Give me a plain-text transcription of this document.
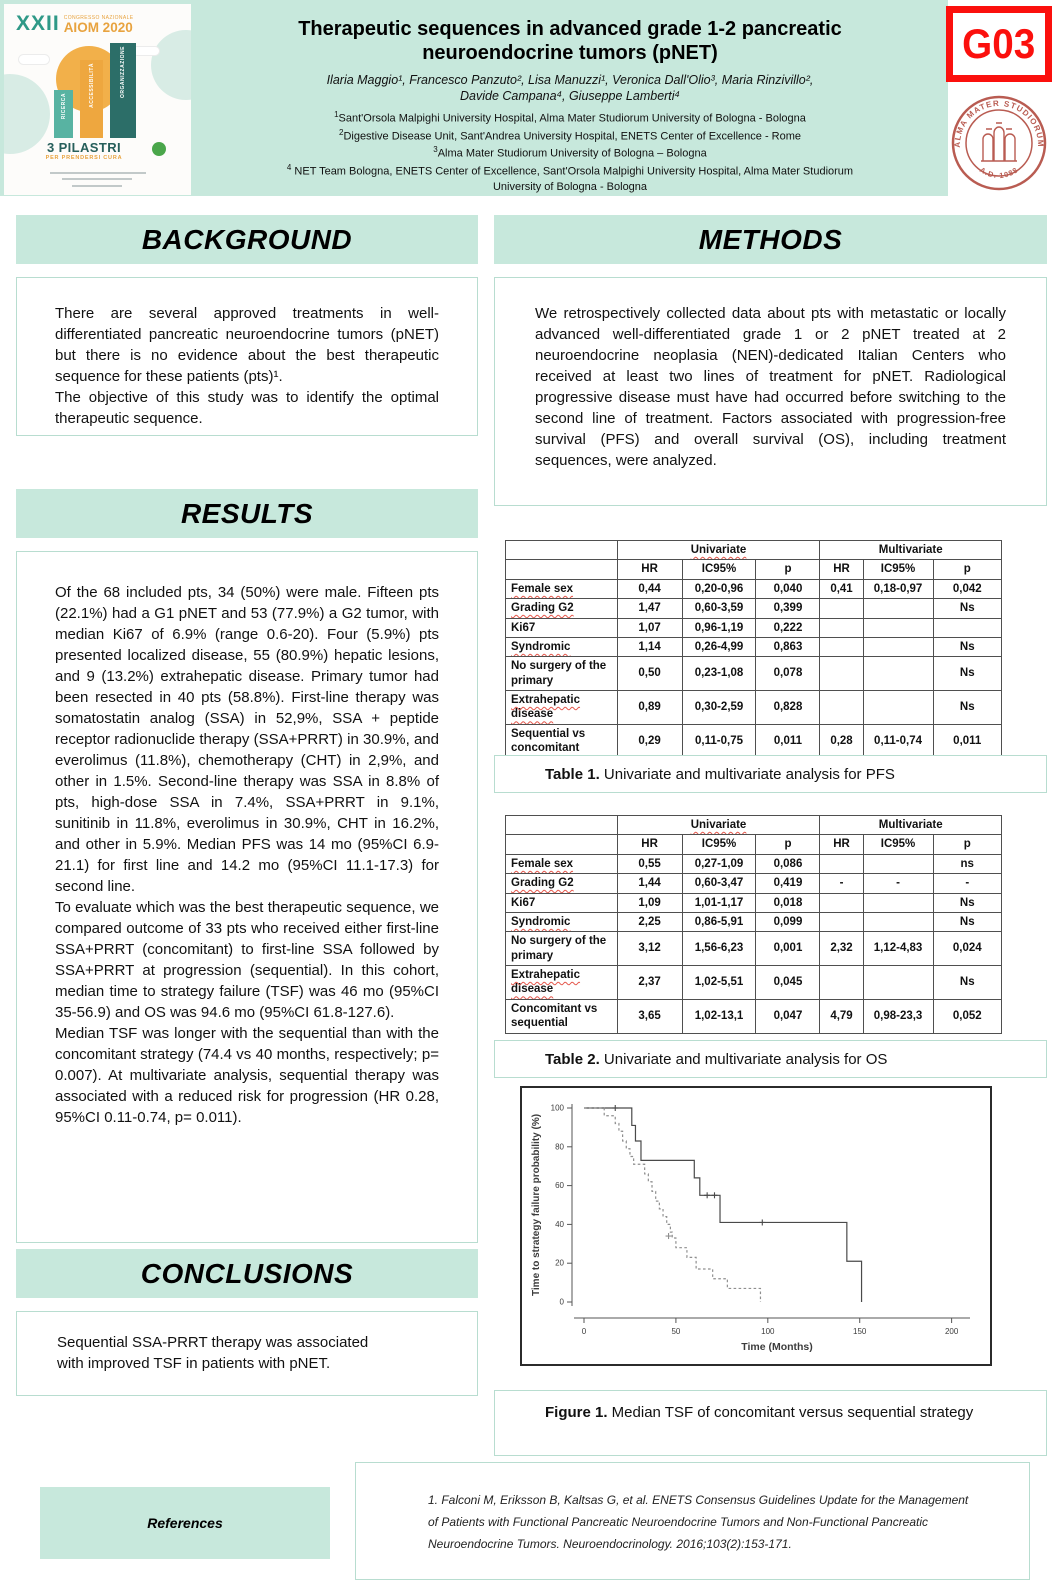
Therapeutic sequences in advanced grade 1-2 pancreatic
neuroendocrine tumors (pNET)
Ilaria Maggio¹, Francesco Panzuto², Lisa Manuzzi¹, Veronica Dall'Olio³, Maria Rinzivillo²,
Davide Campana⁴, Giuseppe Lamberti⁴
$^1$Sant'Orsola Malpighi University Hospital, Alma Mater Studiorum University of Bologna - Bologna
$^2$Digestive Disease Unit, Sant'Andrea University Hospital, ENETS Center of Excellence - Rome
$^3$Alma Mater Studiorum University of Bologna – Bologna
$^4$ NET Team Bologna, ENETS Center of Excellence, Sant'Orsola Malpighi University Hospital, Alma Mater Studiorum University of Bologna - Bologna
XXII CONGRESSO NAZIONALE
AIOM 2020
RICERCA	ACCESSIBILITÀ	ORGANIZZAZIONE
3 PILASTRI
PER PRENDERSI CURA
G03
ALMA MATER STUDIORUM
A.D. 1088
BACKGROUND

There are several approved treatments in well-differentiated pancreatic neuroendocrine tumors (pNET) but there is no evidence about the best therapeutic sequence for these patients (pts)¹.

The objective of this study was to identify the optimal therapeutic sequence.

RESULTS

Of the 68 included pts, 34 (50%) were male. Fifteen pts (22.1%) had a G1 pNET and 53 (77.9%) a G2 tumor, with median Ki67 of 6.9% (range 0.6-20). Four (5.9%) pts presented localized disease, 55 (80.9%) hepatic lesions, and 9 (13.2%) extrahepatic disease. Primary tumor had been resected in 40 pts (58.8%). First-line therapy was somatostatin analog (SSA) in 52,9%, SSA + peptide receptor radionuclide therapy (SSA+PRRT) in 30.9%, and everolimus (11.8%), chemotherapy (CHT) in 2,9%, and other in 1.5%. Second-line therapy was SSA in 8.8% of pts, high-dose SSA in 7.4%, SSA+PRRT in 9.1%, sunitinib in 11.8%, everolimus in 30.9%, CHT in 16.2%, and other in 5.9%. Median PFS was 14 mo (95%CI 6.9-21.1) for first line and 14.2 mo (95%CI 11.1-17.3) for second line.

To evaluate which was the best therapeutic sequence, we compared outcome of 33 pts who received either first-line SSA+PRRT (concomitant) to first-line SSA followed by SSA+PRRT at progression (sequential). In this cohort, median time to strategy failure (TSF) was 46 mo (95%CI 35-56.9) and OS was 94.6 mo (95%CI 61.8-127.6).

Median TSF was longer with the sequential than with the concomitant strategy (74.4 vs 40 months, respectively; p= 0.007). At multivariate analysis, sequential therapy was associated with a reduced risk for progression (HR 0.28, 95%CI 0.11-0.74, p= 0.011).

CONCLUSIONS

Sequential SSA-PRRT therapy was associated with improved TSF in patients with pNET.

METHODS

We retrospectively collected data about pts with metastatic or locally advanced well-differentiated grade 1 or 2 pNET treated at 2 neuroendocrine neoplasia (NEN)-dedicated Italian Centers who received at least two lines of treatment for pNET. Radiological progressive disease must have had occurred before switching to the second line of treatment. Factors associated with progression-free survival (PFS) and overall survival (OS), including treatment sequences, were analyzed.

	Univariate			Multivariate		
	HR	IC95%	p	HR	IC95%	p
Female sex	0,44	0,20-0,96	0,040	0,41	0,18-0,97	0,042
Grading G2	1,47	0,60-3,59	0,399			Ns
Ki67	1,07	0,96-1,19	0,222			
Syndromic	1,14	0,26-4,99	0,863			Ns
No surgery of the primary	0,50	0,23-1,08	0,078			Ns
Extrahepatic disease	0,89	0,30-2,59	0,828			Ns
Sequential vs concomitant	0,29	0,11-0,75	0,011	0,28	0,11-0,74	0,011
Table 1. Univariate and multivariate analysis for PFS
	Univariate			Multivariate		
	HR	IC95%	p	HR	IC95%	p
Female sex	0,55	0,27-1,09	0,086			ns
Grading G2	1,44	0,60-3,47	0,419	-	-	-
Ki67	1,09	1,01-1,17	0,018			Ns
Syndromic	2,25	0,86-5,91	0,099			Ns
No surgery of the primary	3,12	1,56-6,23	0,001	2,32	1,12-4,83	0,024
Extrahepatic disease	2,37	1,02-5,51	0,045			Ns
Concomitant vs sequential	3,65	1,02-13,1	0,047	4,79	0,98-23,3	0,052
Table 2. Univariate and multivariate analysis for OS
0
20
40
60
80
100
0	50	100	150	200
Time (Months)
Time to strategy failure probability (%)
Figure 1. Median TSF of concomitant versus sequential strategy
References

1. Falconi M, Eriksson B, Kaltsas G, et al. ENETS Consensus Guidelines Update for the Management of Patients with Functional Pancreatic Neuroendocrine Tumors and Non-Functional Pancreatic Neuroendocrine Tumors. Neuroendocrinology. 2016;103(2):153-171.
